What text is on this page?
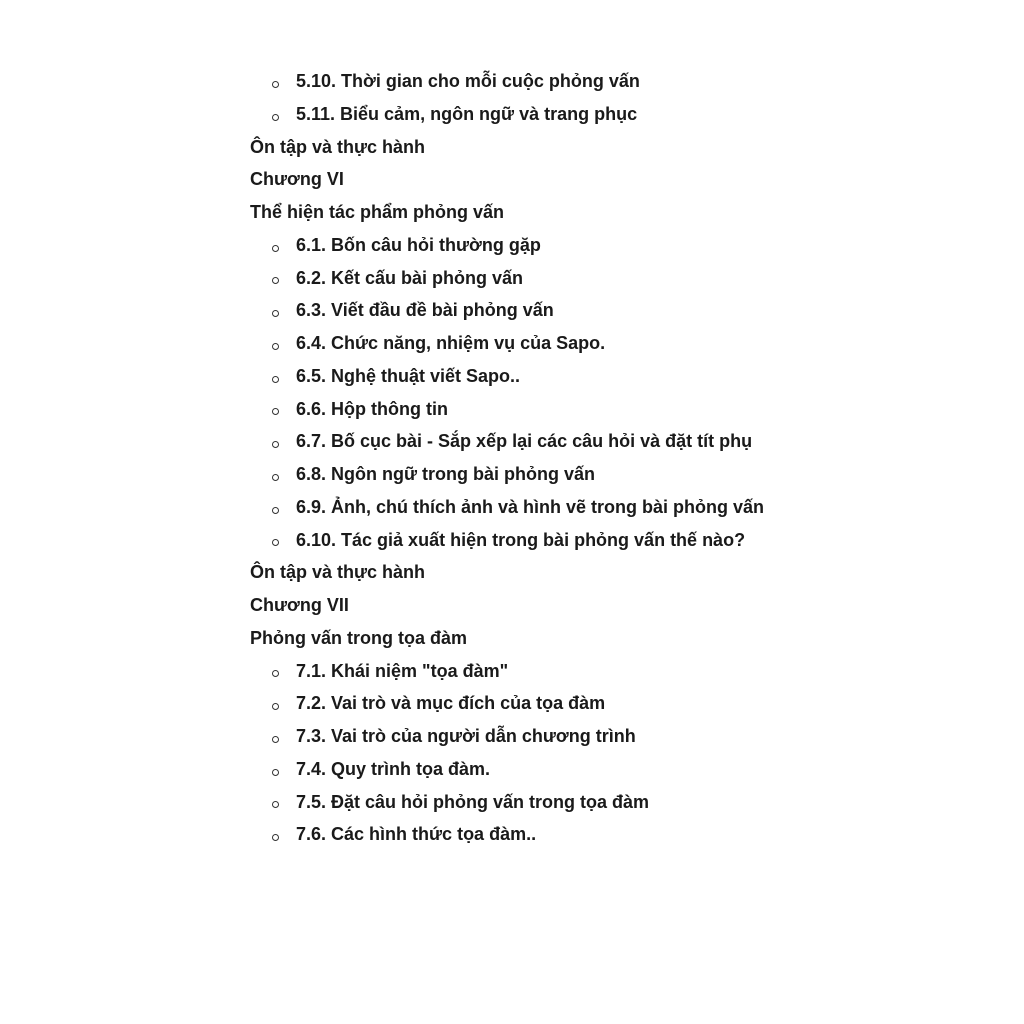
5.10. Thời gian cho mỗi cuộc phỏng vấn
5.11. Biểu cảm, ngôn ngữ và trang phục
Ôn tập và thực hành
Chương VI
Thể hiện tác phẩm phỏng vấn
6.1. Bốn câu hỏi thường gặp
6.2. Kết cấu bài phỏng vấn
6.3. Viết đầu đề bài phỏng vấn
6.4. Chức năng, nhiệm vụ của Sapo.
6.5. Nghệ thuật viết Sapo..
6.6. Hộp thông tin
6.7. Bố cục bài - Sắp xếp lại các câu hỏi và đặt tít phụ
6.8. Ngôn ngữ trong bài phỏng vấn
6.9. Ảnh, chú thích ảnh và hình vẽ trong bài phỏng vấn
6.10. Tác giả xuất hiện trong bài phỏng vấn thế nào?
Ôn tập và thực hành
Chương VII
Phỏng vấn trong tọa đàm
7.1. Khái niệm "tọa đàm"
7.2. Vai trò và mục đích của tọa đàm
7.3. Vai trò của người dẫn chương trình
7.4. Quy trình tọa đàm.
7.5. Đặt câu hỏi phỏng vấn trong tọa đàm
7.6. Các hình thức tọa đàm..
